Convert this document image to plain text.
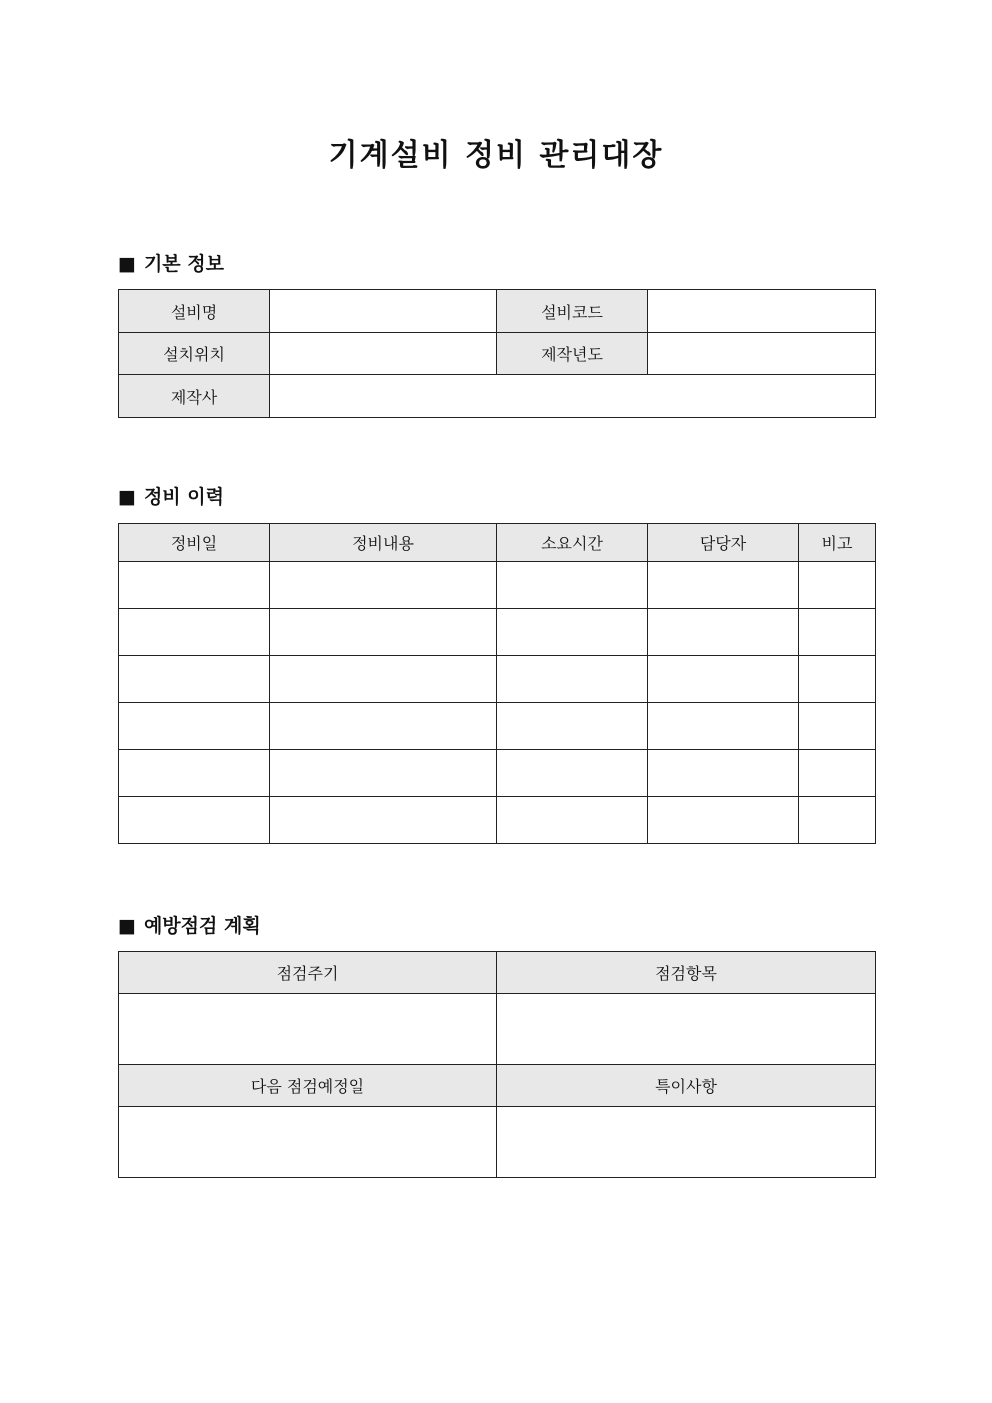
기계설비 정비 관리대장
■ 기본 정보
설비명		설비코드	
설치위치		제작년도	
제작사			
■ 정비 이력
정비일	정비내용	소요시간	담당자	비고

■ 예방점검 계획
점검주기	점검항목

다음 점검예정일	특이사항
